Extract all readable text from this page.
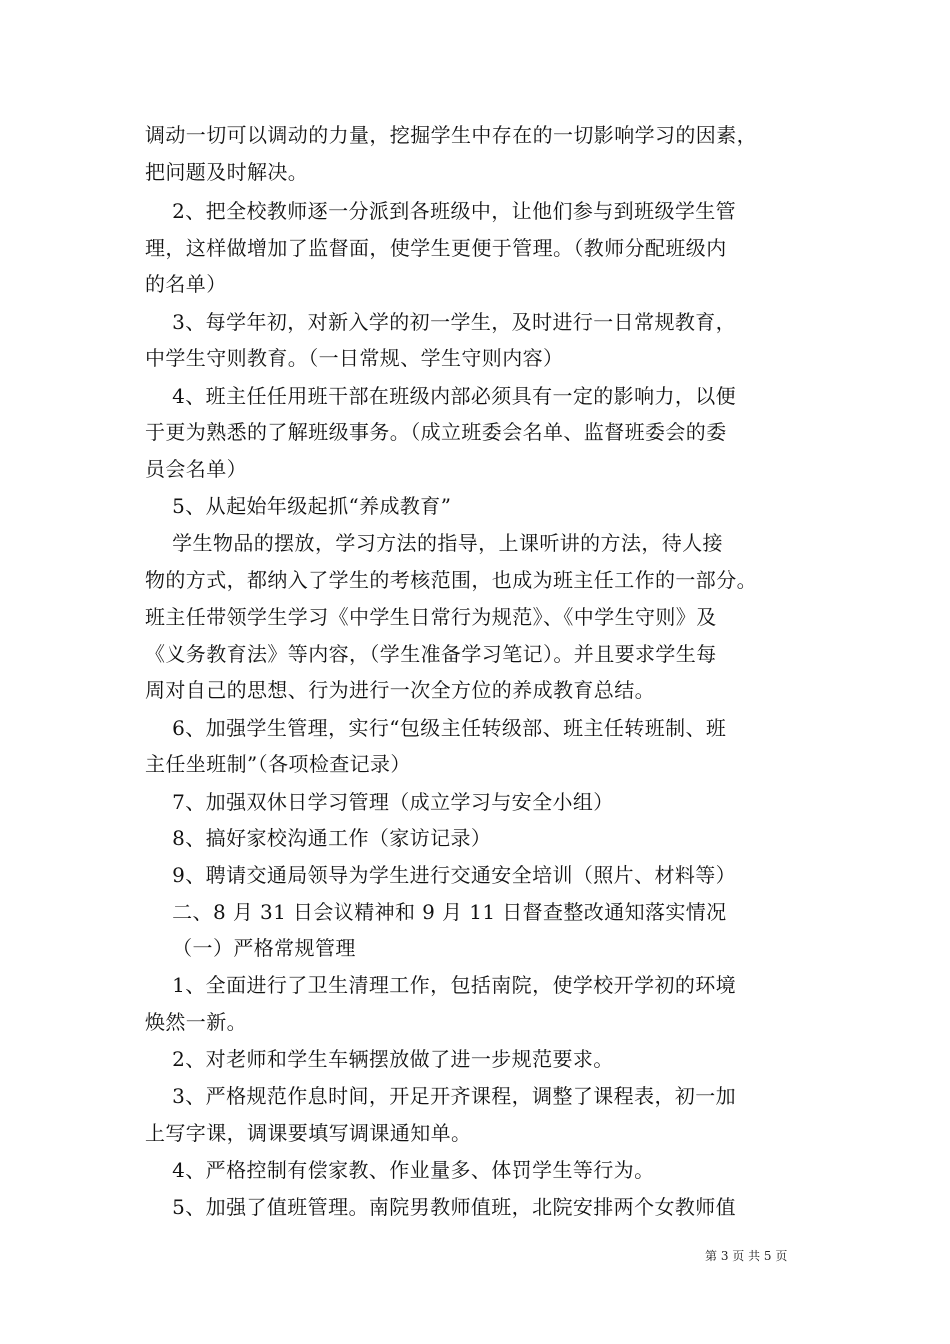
调动一切可以调动的力量，挖掘学生中存在的一切影响学习的因素，
把问题及时解决。
　 2、把全校教师逐一分派到各班级中，让他们参与到班级学生管
理，这样做增加了监督面，使学生更便于管理。（教师分配班级内
的名单）
　 3、每学年初，对新入学的初一学生，及时进行一日常规教育，
中学生守则教育。（一日常规、学生守则内容）
　 4、班主任任用班干部在班级内部必须具有一定的影响力，以便
于更为熟悉的了解班级事务。（成立班委会名单、监督班委会的委
员会名单）
　 5、从起始年级起抓“养成教育”
　 学生物品的摆放，学习方法的指导，上课听讲的方法，待人接
物的方式，都纳入了学生的考核范围，也成为班主任工作的一部分。
班主任带领学生学习《中学生日常行为规范》、《中学生守则》及
《义务教育法》等内容，（学生准备学习笔记）。并且要求学生每
周对自己的思想、行为进行一次全方位的养成教育总结。
　 6、加强学生管理，实行“包级主任转级部、班主任转班制、班
主任坐班制”（各项检查记录）
　 7、加强双休日学习管理（成立学习与安全小组）
　 8、搞好家校沟通工作（家访记录）
　 9、聘请交通局领导为学生进行交通安全培训（照片、材料等）
　 二、8 月 31 日会议精神和 9 月 11 日督查整改通知落实情况
　 （一）严格常规管理
　 1、全面进行了卫生清理工作，包括南院，使学校开学初的环境
焕然一新。
　 2、对老师和学生车辆摆放做了进一步规范要求。
　 3、严格规范作息时间，开足开齐课程，调整了课程表，初一加
上写字课，调课要填写调课通知单。
　 4、严格控制有偿家教、作业量多、体罚学生等行为。
　 5、加强了值班管理。南院男教师值班，北院安排两个女教师值
第 3 页 共 5 页
